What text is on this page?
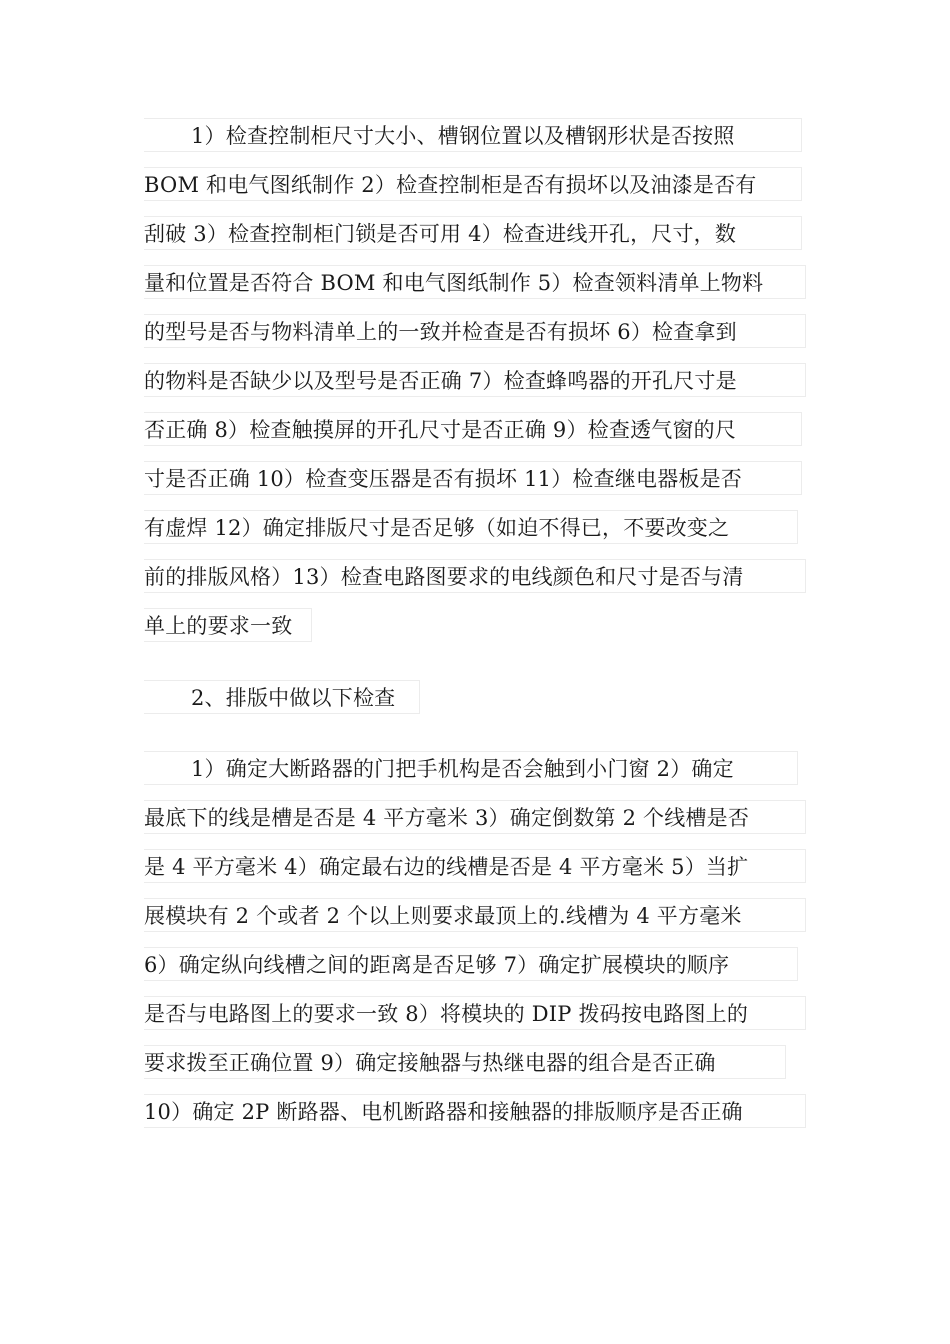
1）检查控制柜尺寸大小、槽钢位置以及槽钢形状是否按照
BOM 和电气图纸制作 2）检查控制柜是否有损坏以及油漆是否有
刮破 3）检查控制柜门锁是否可用 4）检查进线开孔，尺寸，数
量和位置是否符合 BOM 和电气图纸制作 5）检查领料清单上物料
的型号是否与物料清单上的一致并检查是否有损坏 6）检查拿到
的物料是否缺少以及型号是否正确 7）检查蜂鸣器的开孔尺寸是
否正确 8）检查触摸屏的开孔尺寸是否正确 9）检查透气窗的尺
寸是否正确 10）检查变压器是否有损坏 11）检查继电器板是否
有虚焊 12）确定排版尺寸是否足够（如迫不得已，不要改变之
前的排版风格）13）检查电路图要求的电线颜色和尺寸是否与清
单上的要求一致
2、排版中做以下检查
1）确定大断路器的门把手机构是否会触到小门窗 2）确定
最底下的线是槽是否是 4 平方毫米 3）确定倒数第 2 个线槽是否
是 4 平方毫米 4）确定最右边的线槽是否是 4 平方毫米 5）当扩
展模块有 2 个或者 2 个以上则要求最顶上的.线槽为 4 平方毫米
6）确定纵向线槽之间的距离是否足够 7）确定扩展模块的顺序
是否与电路图上的要求一致 8）将模块的 DIP 拨码按电路图上的
要求拨至正确位置 9）确定接触器与热继电器的组合是否正确
10）确定 2P 断路器、电机断路器和接触器的排版顺序是否正确
